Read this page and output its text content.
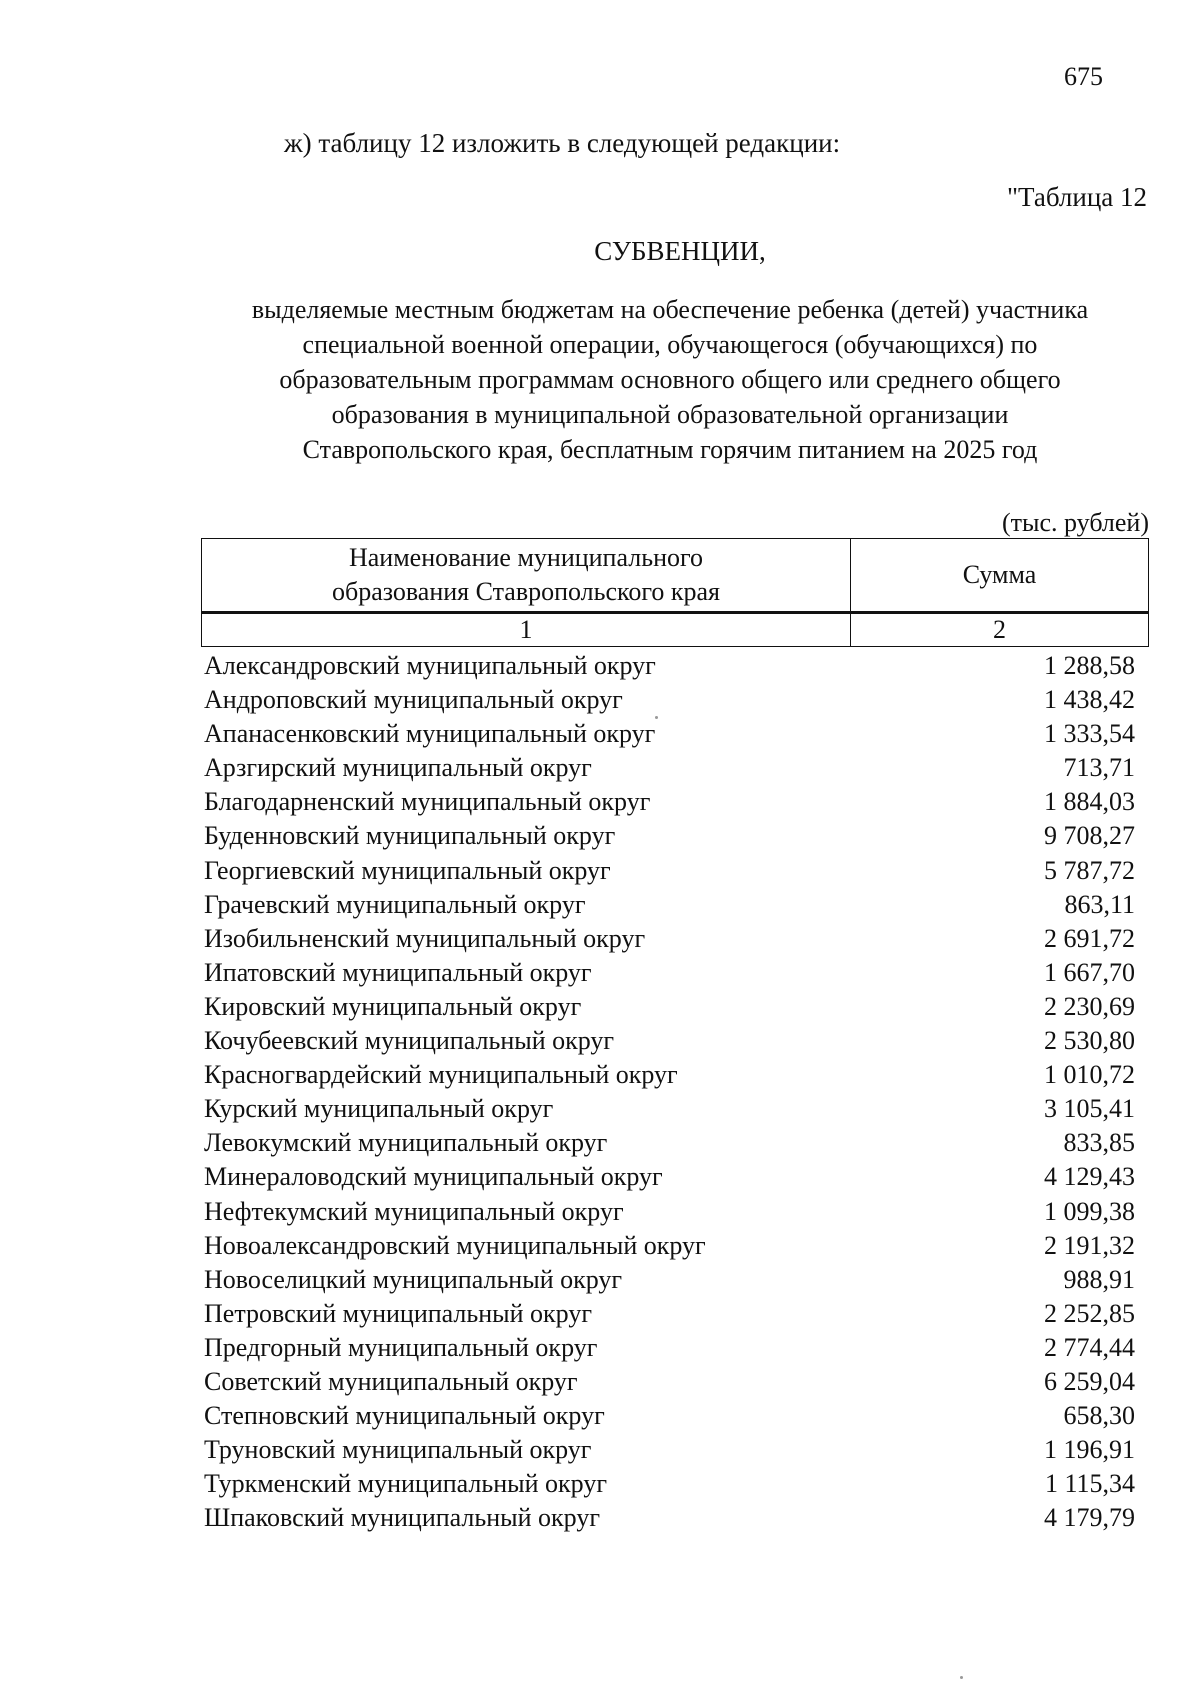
675
ж) таблицу 12 изложить в следующей редакции:
"Таблица 12
СУБВЕНЦИИ,
выделяемые местным бюджетам на обеспечение ребенка (детей) участника
специальной военной операции, обучающегося (обучающихся) по
образовательным программам основного общего или среднего общего
образования в муниципальной образовательной организации
Ставропольского края, бесплатным горячим питанием на 2025 год
(тыс. рублей)
Наименование муниципального
образования Ставропольского края	Сумма
1	2
Александровский муниципальный округ	1 288,58
Андроповский муниципальный округ	1 438,42
Апанасенковский муниципальный округ	1 333,54
Арзгирский муниципальный округ	713,71
Благодарненский муниципальный округ	1 884,03
Буденновский муниципальный округ	9 708,27
Георгиевский муниципальный округ	5 787,72
Грачевский муниципальный округ	863,11
Изобильненский муниципальный округ	2 691,72
Ипатовский муниципальный округ	1 667,70
Кировский муниципальный округ	2 230,69
Кочубеевский муниципальный округ	2 530,80
Красногвардейский муниципальный округ	1 010,72
Курский муниципальный округ	3 105,41
Левокумский муниципальный округ	833,85
Минераловодский муниципальный округ	4 129,43
Нефтекумский муниципальный округ	1 099,38
Новоалександровский муниципальный округ	2 191,32
Новоселицкий муниципальный округ	988,91
Петровский муниципальный округ	2 252,85
Предгорный муниципальный округ	2 774,44
Советский муниципальный округ	6 259,04
Степновский муниципальный округ	658,30
Труновский муниципальный округ	1 196,91
Туркменский муниципальный округ	1 115,34
Шпаковский муниципальный округ	4 179,79
